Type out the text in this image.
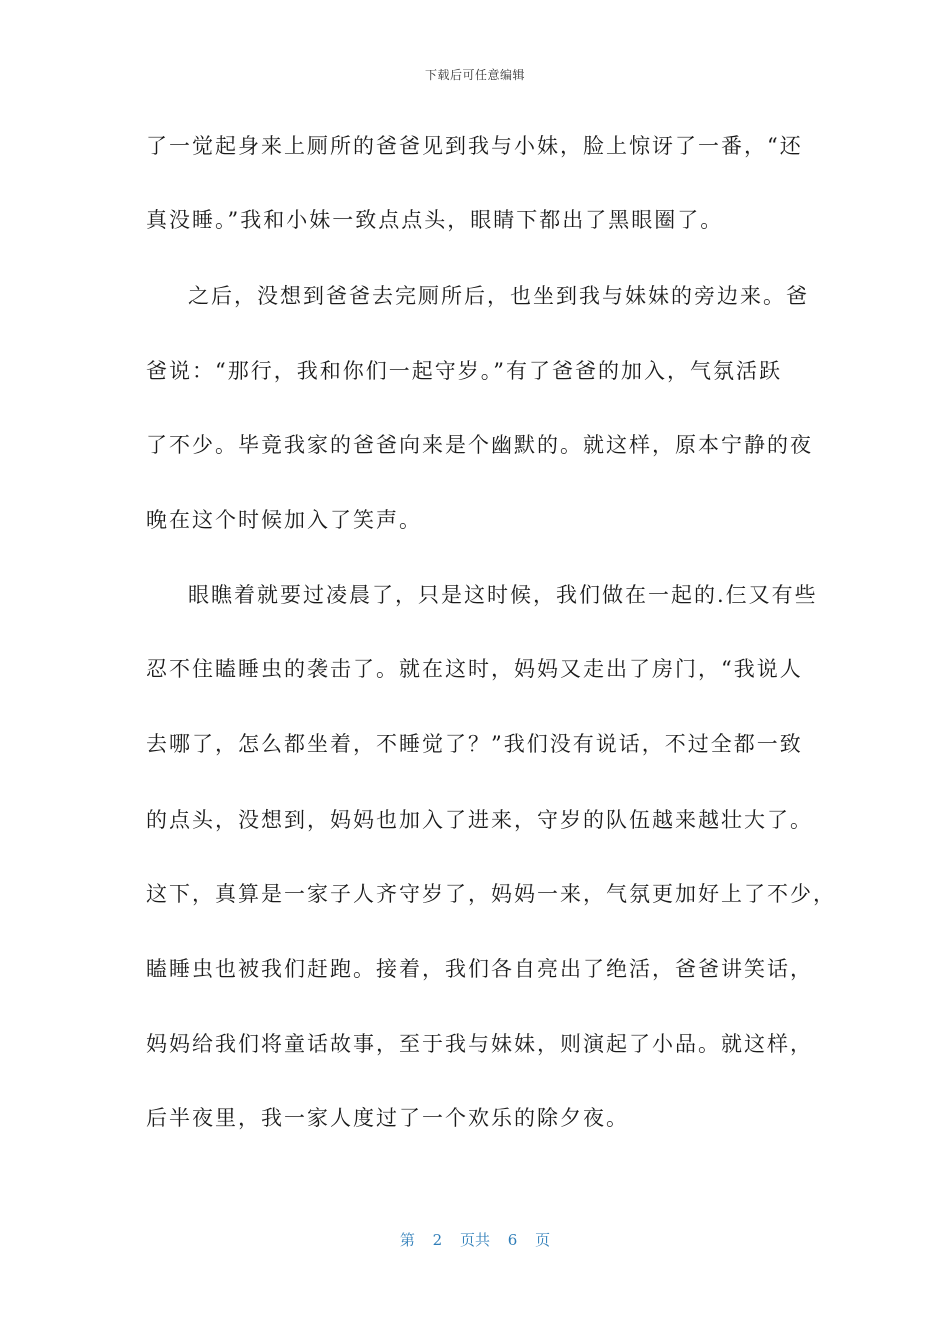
下载后可任意编辑
了一觉起身来上厕所的爸爸见到我与小妹，脸上惊讶了一番，“还
真没睡。”我和小妹一致点点头，眼睛下都出了黑眼圈了。
之后，没想到爸爸去完厕所后，也坐到我与妹妹的旁边来。爸
爸说：“那行，我和你们一起守岁。”有了爸爸的加入，气氛活跃
了不少。毕竟我家的爸爸向来是个幽默的。就这样，原本宁静的夜
晚在这个时候加入了笑声。
眼瞧着就要过凌晨了，只是这时候，我们做在一起的.仨又有些
忍不住瞌睡虫的袭击了。就在这时，妈妈又走出了房门，“我说人
去哪了，怎么都坐着，不睡觉了？”我们没有说话，不过全都一致
的点头，没想到，妈妈也加入了进来，守岁的队伍越来越壮大了。
这下，真算是一家子人齐守岁了，妈妈一来，气氛更加好上了不少，
瞌睡虫也被我们赶跑。接着，我们各自亮出了绝活，爸爸讲笑话，
妈妈给我们将童话故事，至于我与妹妹，则演起了小品。就这样，
后半夜里，我一家人度过了一个欢乐的除夕夜。
第 2 页共 6 页
